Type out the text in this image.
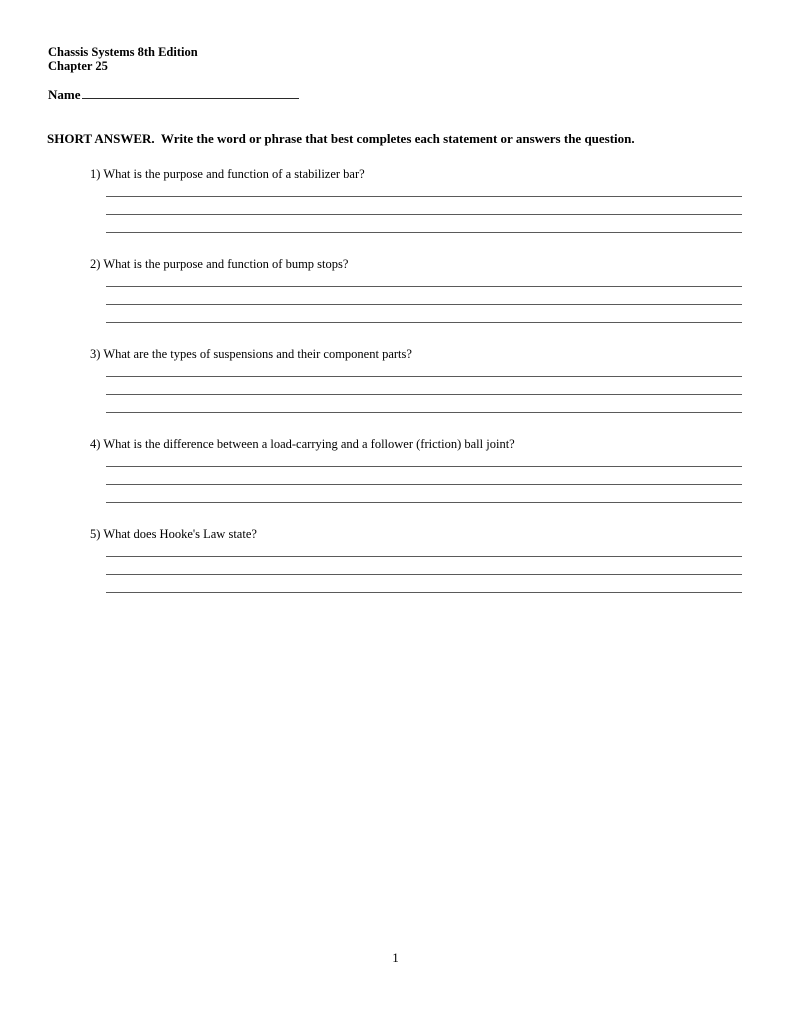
Chassis Systems 8th Edition
Chapter 25
Name
SHORT ANSWER.  Write the word or phrase that best completes each statement or answers the question.

1) What is the purpose and function of a stabilizer bar?

2) What is the purpose and function of bump stops?

3) What are the types of suspensions and their component parts?

4) What is the difference between a load-carrying and a follower (friction) ball joint?

5) What does Hooke's Law state?

1
